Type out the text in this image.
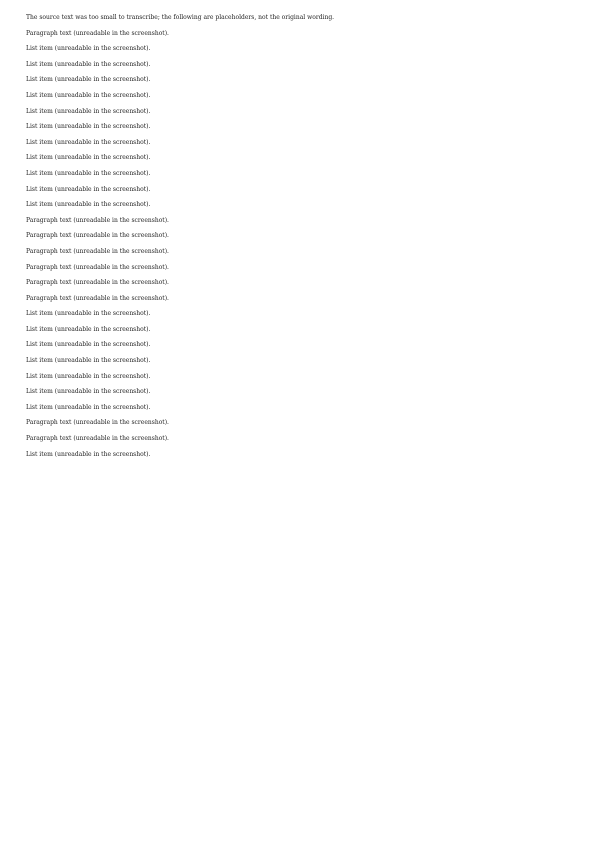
The source text was too small to transcribe; the following are placeholders, not the original wording.

Paragraph text (unreadable in the screenshot).

List item (unreadable in the screenshot).

List item (unreadable in the screenshot).

List item (unreadable in the screenshot).

List item (unreadable in the screenshot).

List item (unreadable in the screenshot).

List item (unreadable in the screenshot).

List item (unreadable in the screenshot).

List item (unreadable in the screenshot).

List item (unreadable in the screenshot).

List item (unreadable in the screenshot).

List item (unreadable in the screenshot).

Paragraph text (unreadable in the screenshot).

Paragraph text (unreadable in the screenshot).

Paragraph text (unreadable in the screenshot).

Paragraph text (unreadable in the screenshot).

Paragraph text (unreadable in the screenshot).

Paragraph text (unreadable in the screenshot).

List item (unreadable in the screenshot).

List item (unreadable in the screenshot).

List item (unreadable in the screenshot).

List item (unreadable in the screenshot).

List item (unreadable in the screenshot).

List item (unreadable in the screenshot).

List item (unreadable in the screenshot).

Paragraph text (unreadable in the screenshot).

Paragraph text (unreadable in the screenshot).

List item (unreadable in the screenshot).
